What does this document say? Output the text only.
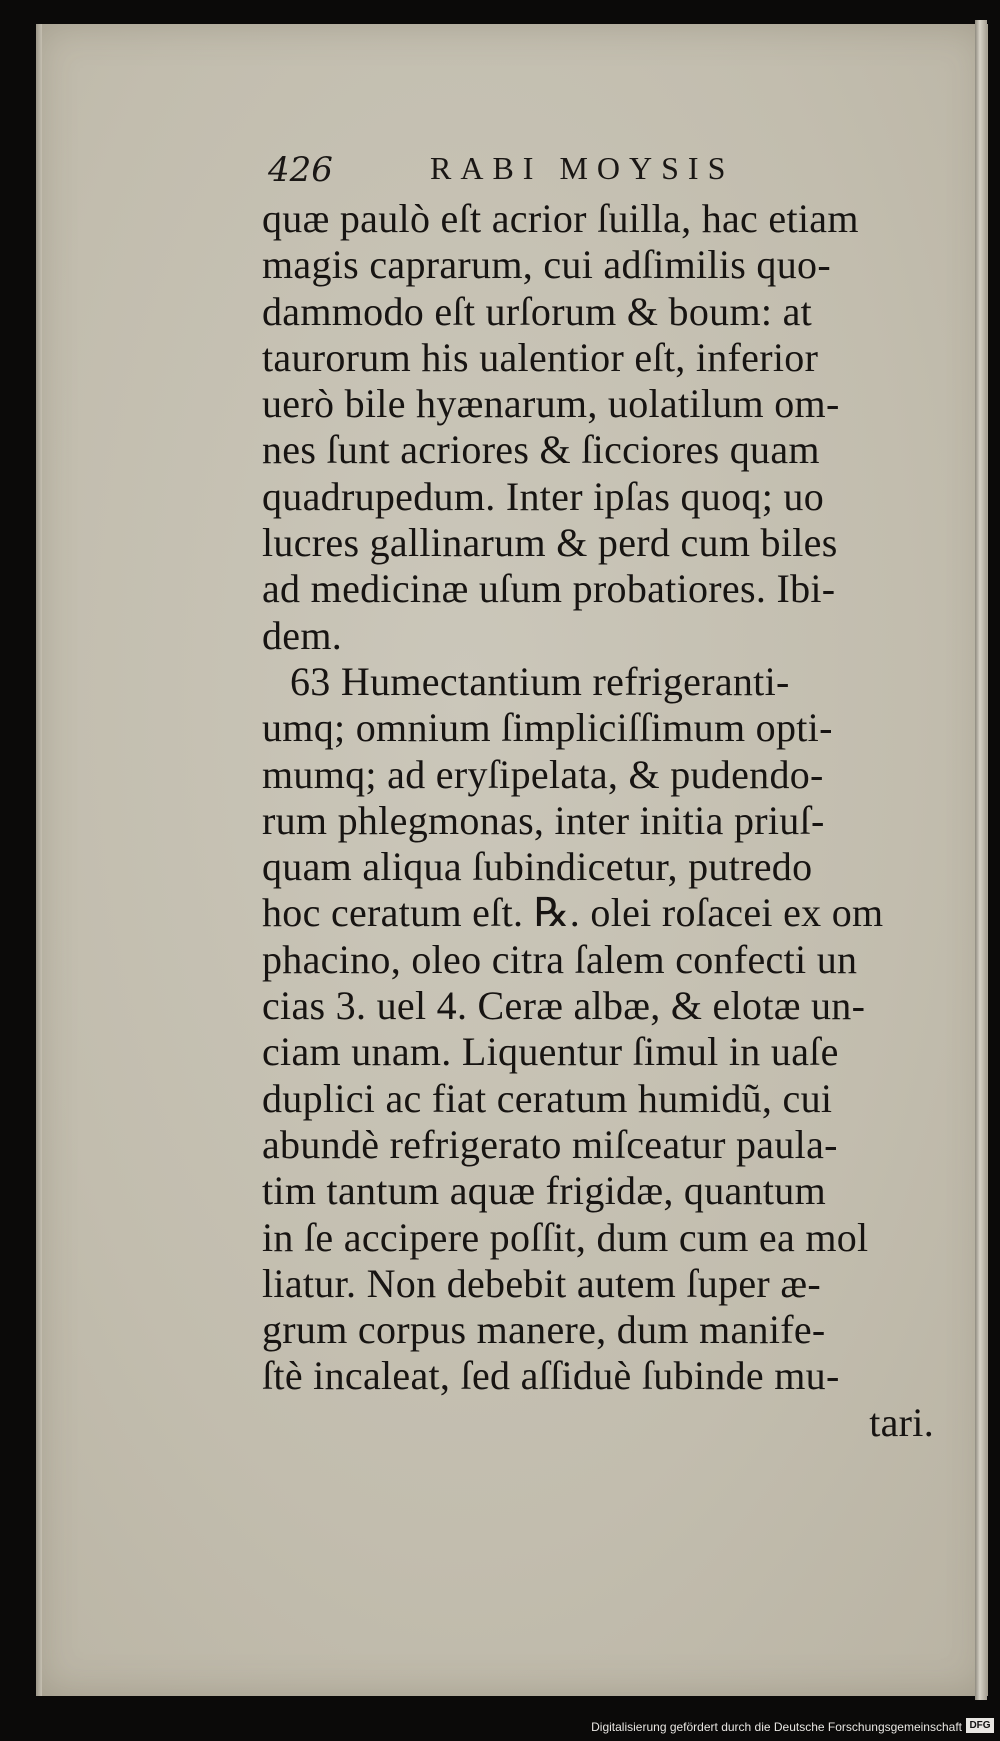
426	RABI MOYSIS
quæ paulò eſt acrior ſuilla, hac etiam
magis caprarum, cui adſimilis quo-
dammodo eſt urſorum & boum: at
taurorum his ualentior eſt, inferior
uerò bile hyænarum, uolatilum om-
nes ſunt acriores & ſicciores quam
quadrupedum. Inter ipſas quoq; uo
lucres gallinarum & perd cum biles
ad medicinæ uſum probatiores. Ibi-
dem.
63 Humectantium refrigeranti-
umq; omnium ſimpliciſſimum opti-
mumq; ad eryſipelata, & pudendo-
rum phlegmonas, inter initia priuſ-
quam aliqua ſubindicetur, putredo
hoc ceratum eſt. ℞. olei roſacei ex om
phacino, oleo citra ſalem confecti un
cias 3. uel 4. Ceræ albæ, & elotæ un-
ciam unam. Liquentur ſimul in uaſe
duplici ac fiat ceratum humidũ, cui
abundè refrigerato miſceatur paula-
tim tantum aquæ frigidæ, quantum
in ſe accipere poſſit, dum cum ea mol
liatur. Non debebit autem ſuper æ-
grum corpus manere, dum manife-
ſtè incaleat, ſed aſſiduè ſubinde mu-
tari.
Digitalisierung gefördert durch die Deutsche Forschungsgemeinschaft DFG
